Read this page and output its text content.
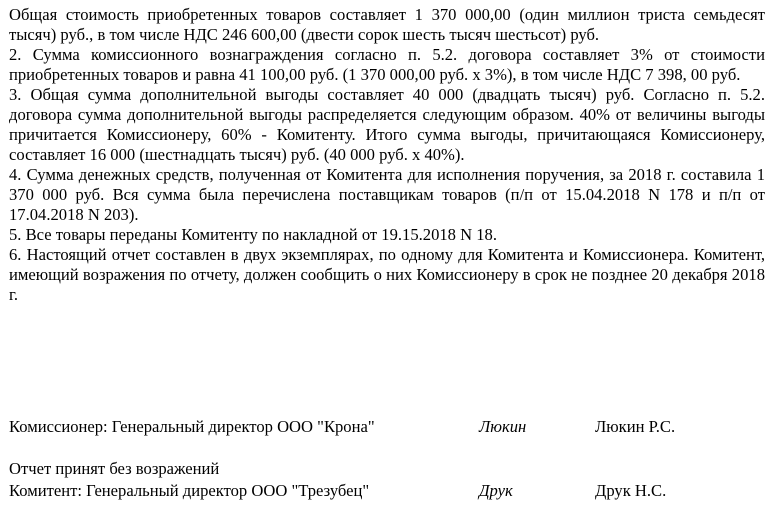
Общая стоимость приобретенных товаров составляет 1 370 000,00 (один миллион триста семьдесят тысяч) руб., в том числе НДС 246 600,00 (двести сорок шесть тысяч шестьсот) руб.

2. Сумма комиссионного вознаграждения согласно п. 5.2. договора составляет 3% от стоимости приобретенных товаров и равна 41 100,00 руб. (1 370 000,00 руб. х 3%), в том числе НДС 7 398, 00 руб.

3. Общая сумма дополнительной выгоды составляет 40 000 (двадцать тысяч) руб. Согласно п. 5.2. договора сумма дополнительной выгоды распределяется следующим образом. 40% от величины выгоды причитается Комиссионеру, 60% - Комитенту. Итого сумма выгоды, причитающаяся Комиссионеру, составляет 16 000 (шестнадцать тысяч) руб. (40 000 руб. х 40%).

4. Сумма денежных средств, полученная от Комитента для исполнения поручения, за 2018 г. составила 1 370 000 руб. Вся сумма была перечислена поставщикам товаров (п/п от 15.04.2018 N 178 и п/п от 17.04.2018 N 203).

5. Все товары переданы Комитенту по накладной от 19.15.2018 N 18.

6. Настоящий отчет составлен в двух экземплярах, по одному для Комитента и Комиссионера. Комитент, имеющий возражения по отчету, должен сообщить о них Комиссионеру в срок не позднее 20 декабря 2018 г.

Комиссионер: Генеральный директор ООО "Крона"	Люкин	Люкин Р.С.
Отчет принят без возражений
Комитент: Генеральный директор ООО "Трезубец"	Друк	Друк Н.С.
